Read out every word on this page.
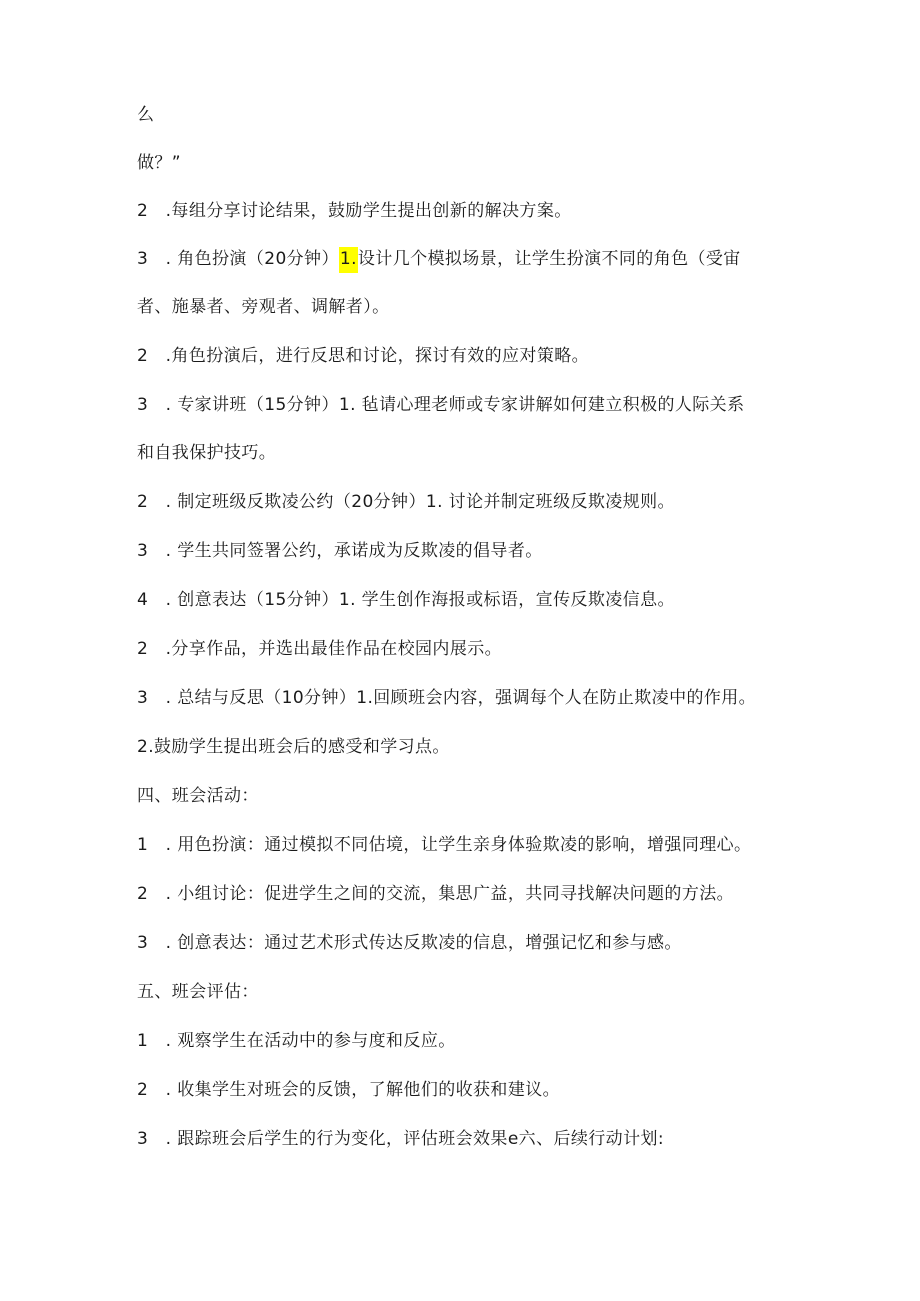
么
做？”
2　.每组分享讨论结果，鼓励学生提出创新的解决方案。
3　. 角色扮演（20分钟）1.设计几个模拟场景，让学生扮演不同的角色（受宙
者、施暴者、旁观者、调解者）。
2　.角色扮演后，进行反思和讨论，探讨有效的应对策略。
3　. 专家讲班（15分钟）1. 毡请心理老师或专家讲解如何建立积极的人际关系
和自我保护技巧。
2　. 制定班级反欺凌公约（20分钟）1. 讨论并制定班级反欺凌规则。
3　. 学生共同签署公约，承诺成为反欺凌的倡导者。
4　. 创意表达（15分钟）1. 学生创作海报或标语，宣传反欺凌信息。
2　.分享作品，并选出最佳作品在校园内展示。
3　. 总结与反思（10分钟）1.回顾班会内容，强调每个人在防止欺凌中的作用。
2.鼓励学生提出班会后的感受和学习点。
四、班会活动：
1　. 用色扮演：通过模拟不同估境，让学生亲身体验欺凌的影响，增强同理心。
2　. 小组讨论：促进学生之间的交流，集思广益，共同寻找解决问题的方法。
3　. 创意表达：通过艺术形式传达反欺凌的信息，增强记忆和参与感。
五、班会评估：
1　. 观察学生在活动中的参与度和反应。
2　. 收集学生对班会的反馈，了解他们的收获和建议。
3　. 跟踪班会后学生的行为变化，评估班会效果e六、后续行动计划:
